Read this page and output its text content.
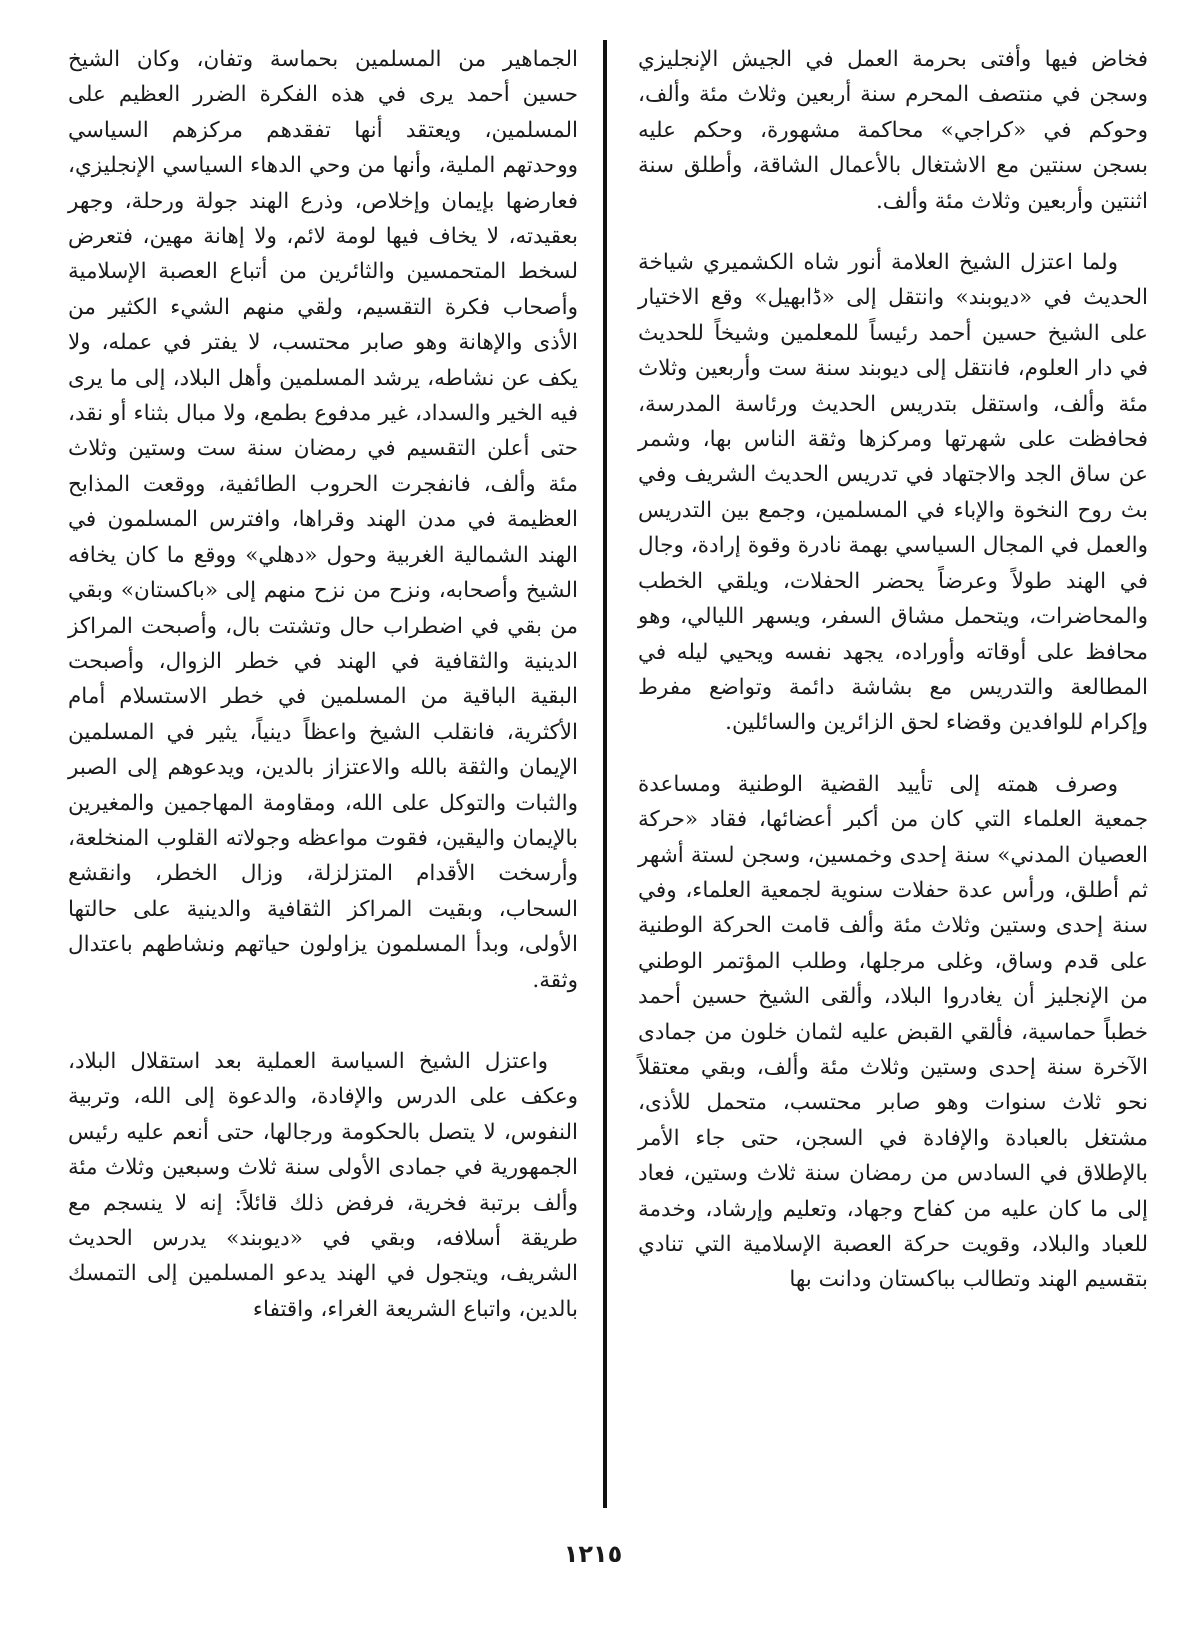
فخاض فيها وأفتى بحرمة العمل في الجيش الإنجليزي وسجن في منتصف المحرم سنة أربعين وثلاث مئة وألف، وحوكم في «كراجي» محاكمة مشهورة، وحكم عليه بسجن سنتين مع الاشتغال بالأعمال الشاقة، وأطلق سنة اثنتين وأربعين وثلاث مئة وألف.

ولما اعتزل الشيخ العلامة أنور شاه الكشميري شياخة الحديث في «ديوبند» وانتقل إلى «ڈابهيل» وقع الاختيار على الشيخ حسين أحمد رئيساً للمعلمين وشيخاً للحديث في دار العلوم، فانتقل إلى ديوبند سنة ست وأربعين وثلاث مئة وألف، واستقل بتدريس الحديث ورئاسة المدرسة، فحافظت على شهرتها ومركزها وثقة الناس بها، وشمر عن ساق الجد والاجتهاد في تدريس الحديث الشريف وفي بث روح النخوة والإباء في المسلمين، وجمع بين التدريس والعمل في المجال السياسي بهمة نادرة وقوة إرادة، وجال في الهند طولاً وعرضاً يحضر الحفلات، ويلقي الخطب والمحاضرات، ويتحمل مشاق السفر، ويسهر الليالي، وهو محافظ على أوقاته وأوراده، يجهد نفسه ويحيي ليله في المطالعة والتدريس مع بشاشة دائمة وتواضع مفرط وإكرام للوافدين وقضاء لحق الزائرين والسائلين.

وصرف همته إلى تأييد القضية الوطنية ومساعدة جمعية العلماء التي كان من أكبر أعضائها، فقاد «حركة العصيان المدني» سنة إحدى وخمسين، وسجن لستة أشهر ثم أطلق، ورأس عدة حفلات سنوية لجمعية العلماء، وفي سنة إحدى وستين وثلاث مئة وألف قامت الحركة الوطنية على قدم وساق، وغلى مرجلها، وطلب المؤتمر الوطني من الإنجليز أن يغادروا البلاد، وألقى الشيخ حسين أحمد خطباً حماسية، فألقي القبض عليه لثمان خلون من جمادى الآخرة سنة إحدى وستين وثلاث مئة وألف، وبقي معتقلاً نحو ثلاث سنوات وهو صابر محتسب، متحمل للأذى، مشتغل بالعبادة والإفادة في السجن، حتى جاء الأمر بالإطلاق في السادس من رمضان سنة ثلاث وستين، فعاد إلى ما كان عليه من كفاح وجهاد، وتعليم وإرشاد، وخدمة للعباد والبلاد، وقويت حركة العصبة الإسلامية التي تنادي بتقسيم الهند وتطالب بباكستان ودانت بها

الجماهير من المسلمين بحماسة وتفان، وكان الشيخ حسين أحمد يرى في هذه الفكرة الضرر العظيم على المسلمين، ويعتقد أنها تفقدهم مركزهم السياسي ووحدتهم الملية، وأنها من وحي الدهاء السياسي الإنجليزي، فعارضها بإيمان وإخلاص، وذرع الهند جولة ورحلة، وجهر بعقيدته، لا يخاف فيها لومة لائم، ولا إهانة مهين، فتعرض لسخط المتحمسين والثائرين من أتباع العصبة الإسلامية وأصحاب فكرة التقسيم، ولقي منهم الشيء الكثير من الأذى والإهانة وهو صابر محتسب، لا يفتر في عمله، ولا يكف عن نشاطه، يرشد المسلمين وأهل البلاد، إلى ما يرى فيه الخير والسداد، غير مدفوع بطمع، ولا مبال بثناء أو نقد، حتى أعلن التقسيم في رمضان سنة ست وستين وثلاث مئة وألف، فانفجرت الحروب الطائفية، ووقعت المذابح العظيمة في مدن الهند وقراها، وافترس المسلمون في الهند الشمالية الغربية وحول «دهلي» ووقع ما كان يخافه الشيخ وأصحابه، ونزح من نزح منهم إلى «باكستان» وبقي من بقي في اضطراب حال وتشتت بال، وأصبحت المراكز الدينية والثقافية في الهند في خطر الزوال، وأصبحت البقية الباقية من المسلمين في خطر الاستسلام أمام الأكثرية، فانقلب الشيخ واعظاً دينياً، يثير في المسلمين الإيمان والثقة بالله والاعتزاز بالدين، ويدعوهم إلى الصبر والثبات والتوكل على الله، ومقاومة المهاجمين والمغيرين بالإيمان واليقين، فقوت مواعظه وجولاته القلوب المنخلعة، وأرسخت الأقدام المتزلزلة، وزال الخطر، وانقشع السحاب، وبقيت المراكز الثقافية والدينية على حالتها الأولى، وبدأ المسلمون يزاولون حياتهم ونشاطهم باعتدال وثقة.

واعتزل الشيخ السياسة العملية بعد استقلال البلاد، وعكف على الدرس والإفادة، والدعوة إلى الله، وتربية النفوس، لا يتصل بالحكومة ورجالها، حتى أنعم عليه رئيس الجمهورية في جمادى الأولى سنة ثلاث وسبعين وثلاث مئة وألف برتبة فخرية، فرفض ذلك قائلاً: إنه لا ينسجم مع طريقة أسلافه، وبقي في «ديوبند» يدرس الحديث الشريف، ويتجول في الهند يدعو المسلمين إلى التمسك بالدين، واتباع الشريعة الغراء، واقتفاء

١٢١٥
